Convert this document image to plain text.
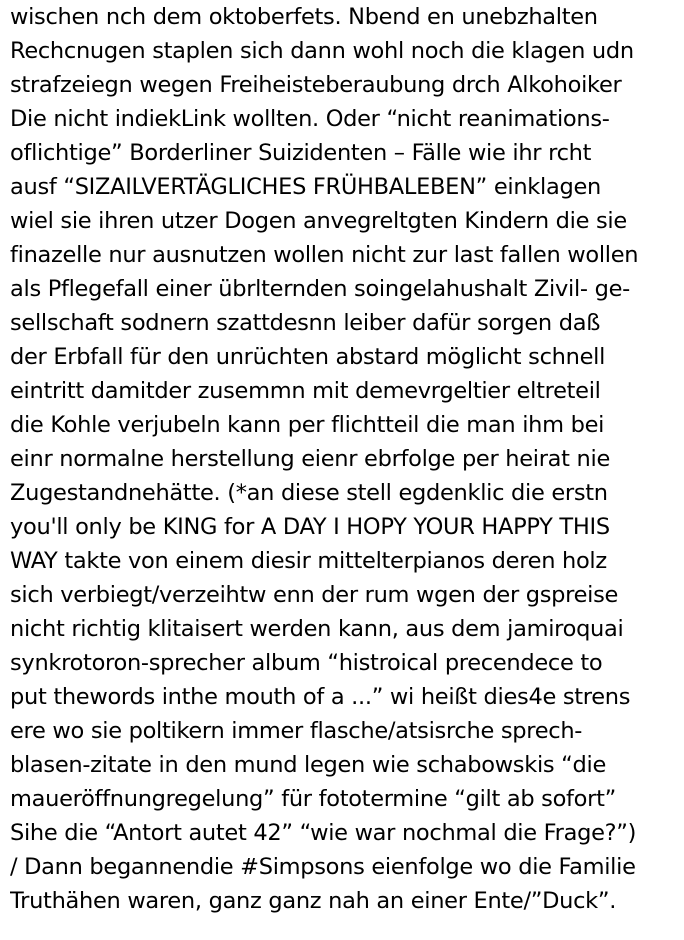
wischen nch dem oktoberfets. Nbend en unebzhalten
Rechcnugen staplen sich dann wohl noch die klagen udn
strafzeiegn wegen Freiheisteberaubung drch Alkohoiker
Die nicht indiekLink wollten. Oder “nicht reanimations-
oflichtige” Borderliner Suizidenten – Fälle wie ihr rcht
ausf “SIZAILVERTÄGLICHES FRÜHBALEBEN” einklagen
wiel sie ihren utzer Dogen anvegreltgten Kindern die sie
finazelle nur ausnutzen wollen nicht zur last fallen wollen
als Pflegefall einer übrlternden soingelahushalt Zivil- ge-
sellschaft sodnern szattdesnn leiber dafür sorgen daß
der Erbfall für den unrüchten abstard möglicht schnell
eintritt damitder zusemmn mit demevrgeltier eltreteil
die Kohle verjubeln kann per flichtteil die man ihm bei
einr normalne herstellung eienr ebrfolge per heirat nie
Zugestandnehätte. (*an diese stell egdenklic die erstn
you'll only be KING for A DAY I HOPY YOUR HAPPY THIS
WAY takte von einem diesir mittelterpianos deren holz
sich verbiegt/verzeihtw enn der rum wgen der gspreise
nicht richtig klitaisert werden kann, aus dem jamiroquai
synkrotoron-sprecher album “histroical precendece to
put thewords inthe mouth of a ...” wi heißt dies4e strens
ere wo sie poltikern immer flasche/atsisrche sprech-
blasen-zitate in den mund legen wie schabowskis “die
maueröffnungregelung” für fototermine “gilt ab sofort”
Sihe die “Antort autet 42” “wie war nochmal die Frage?”)
/ Dann begannendie #Simpsons eienfolge wo die Familie
Truthähen waren, ganz ganz nah an einer Ente/”Duck”.
